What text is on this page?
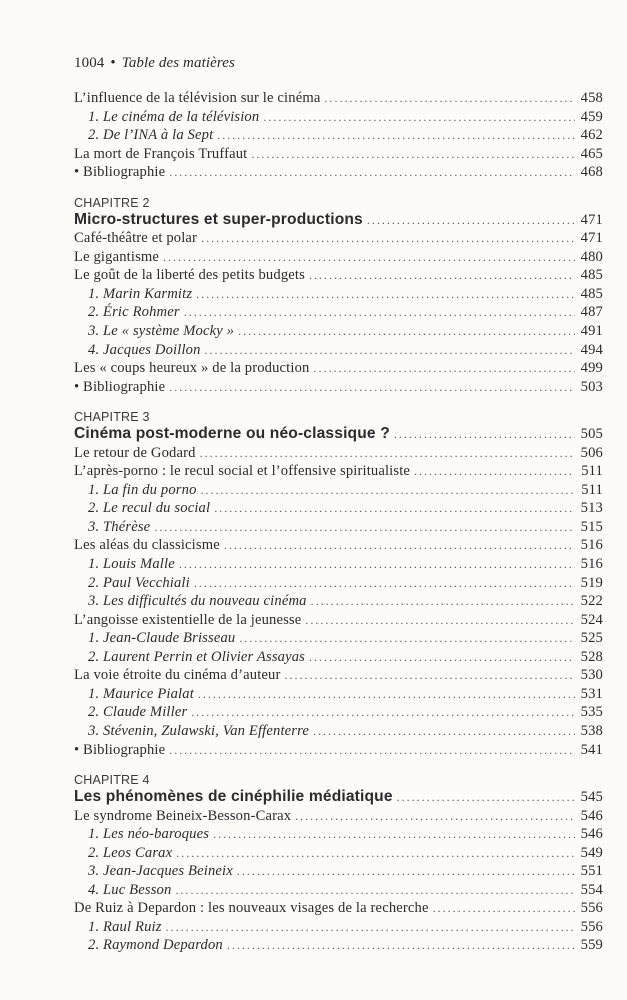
1004 • Table des matières
L’influence de la télévision sur le cinéma . . .	458
1. Le cinéma de la télévision . . .	459
2. De l’INA à la Sept . . .	462
La mort de François Truffaut . . .	465
• Bibliographie . . .	468
CHAPITRE 2
Micro-structures et super-productions . . .	471
Café-théâtre et polar . . .	471
Le gigantisme . . .	480
Le goût de la liberté des petits budgets . . .	485
1. Marin Karmitz . . .	485
2. Éric Rohmer . . .	487
3. Le « système Mocky » . . .	491
4. Jacques Doillon . . .	494
Les « coups heureux » de la production . . .	499
• Bibliographie . . .	503
CHAPITRE 3
Cinéma post-moderne ou néo-classique ? . . .	505
Le retour de Godard . . .	506
L’après-porno : le recul social et l’offensive spiritualiste . . .	511
1. La fin du porno . . .	511
2. Le recul du social . . .	513
3. Thérèse . . .	515
Les aléas du classicisme . . .	516
1. Louis Malle . . .	516
2. Paul Vecchiali . . .	519
3. Les difficultés du nouveau cinéma . . .	522
L’angoisse existentielle de la jeunesse . . .	524
1. Jean-Claude Brisseau . . .	525
2. Laurent Perrin et Olivier Assayas . . .	528
La voie étroite du cinéma d’auteur . . .	530
1. Maurice Pialat . . .	531
2. Claude Miller . . .	535
3. Stévenin, Zulawski, Van Effenterre . . .	538
• Bibliographie . . .	541
CHAPITRE 4
Les phénomènes de cinéphilie médiatique . . .	545
Le syndrome Beineix-Besson-Carax . . .	546
1. Les néo-baroques . . .	546
2. Leos Carax . . .	549
3. Jean-Jacques Beineix . . .	551
4. Luc Besson . . .	554
De Ruiz à Depardon : les nouveaux visages de la recherche . . .	556
1. Raul Ruiz . . .	556
2. Raymond Depardon . . .	559
